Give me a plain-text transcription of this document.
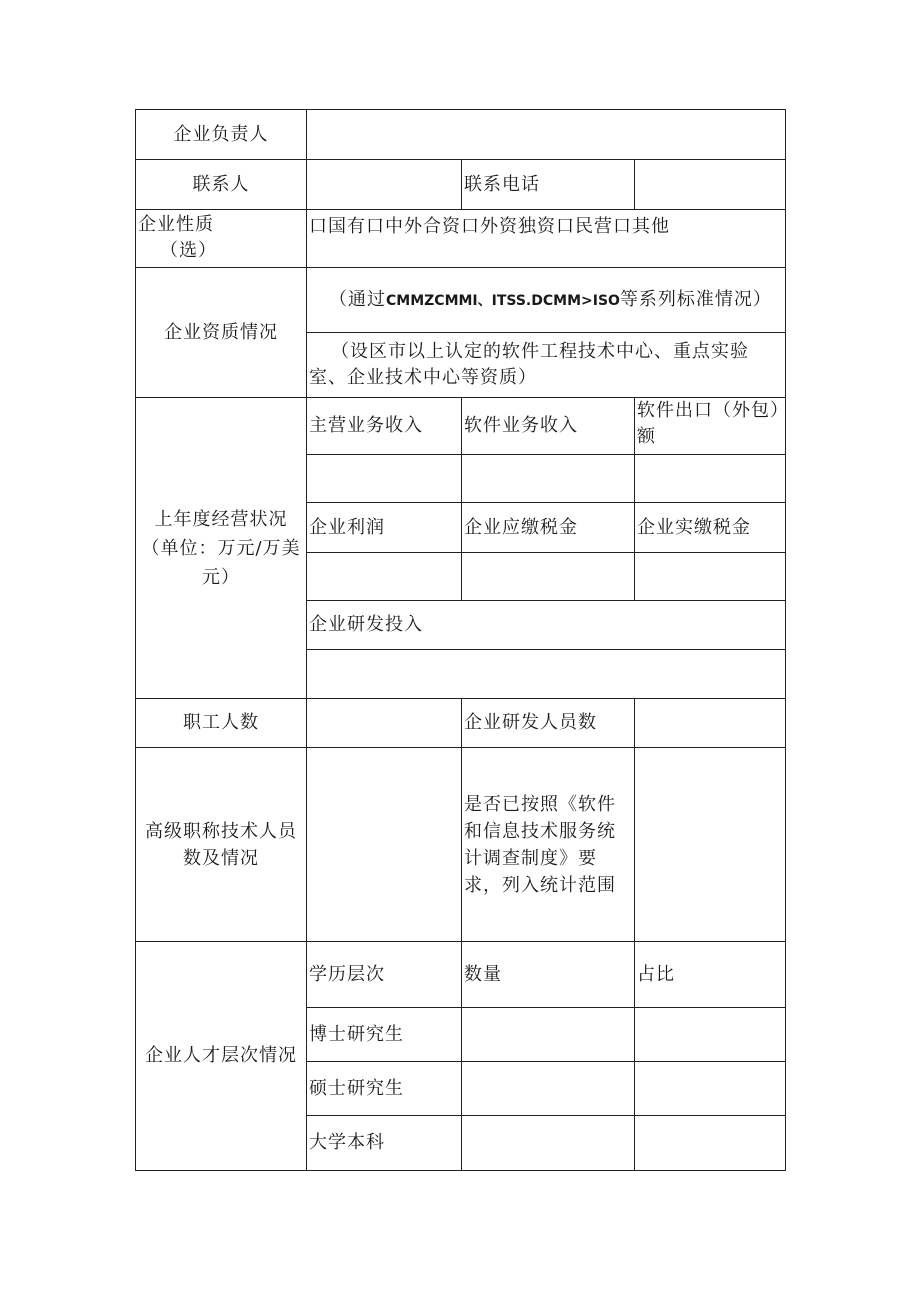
企业负责人			
联系人		联系电话	

企业性质
（选）	口国有口中外合资口外资独资口民营口其他		
企业资质情况	（通过CMMZCMMI、ITSS.DCMM>ISO等系列标准情况）		
	（设区市以上认定的软件工程技术中心、重点实验室、企业技术中心等资质）		
上年度经营状况（单位：万元/万美元）	主营业务收入	软件业务收入	软件出口（外包）额

	企业利润	企业应缴税金	企业实缴税金

	企业研发投入		

职工人数		企业研发人员数	
高级职称技术人员数及情况		是否已按照《软件和信息技术服务统计调查制度》要求，列入统计范围	
企业人才层次情况	学历层次	数量	占比
	博士研究生		
	硕士研究生		
	大学本科		
